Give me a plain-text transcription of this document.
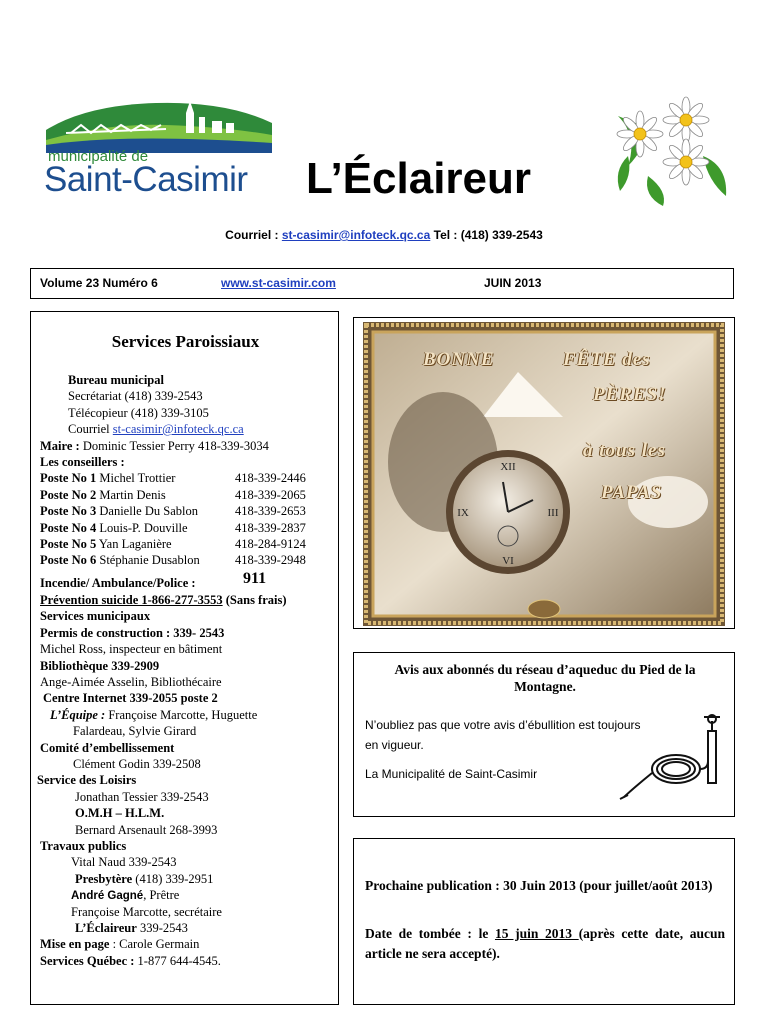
municipalité de
Saint-Casimir L’Éclaireur
Courriel : st-casimir@infoteck.qc.ca Tel : (418) 339-2543
Volume 23 Numéro 6	www.st-casimir.com	JUIN 2013
Services Paroissiaux
Bureau municipal
Secrétariat (418) 339-2543
Télécopieur (418) 339-3105
Courriel st-casimir@infoteck.qc.ca
Maire : Dominic Tessier Perry 418-339-3034
Les conseillers :
Poste No 1 Michel Trottier	418-339-2446
Poste No 2 Martin Denis	418-339-2065
Poste No 3 Danielle Du Sablon	418-339-2653
Poste No 4 Louis-P. Douville	418-339-2837
Poste No 5 Yan Laganière	418-284-9124
Poste No 6 Stéphanie Dusablon	418-339-2948
Incendie/ Ambulance/Police :	911
Prévention suicide 1-866-277-3553 (Sans frais)
Services municipaux
Permis de construction : 339- 2543
Michel Ross, inspecteur en bâtiment
Bibliothèque 339-2909
Ange-Aimée Asselin, Bibliothécaire
Centre Internet 339-2055 poste 2
L’Équipe : Françoise Marcotte, Huguette
Falardeau, Sylvie Girard
Comité d’embellissement
Clément Godin 339-2508
Service des Loisirs
Jonathan Tessier 339-2543
O.M.H – H.L.M.
Bernard Arsenault 268-3993
Travaux publics
Vital Naud 339-2543
Presbytère (418) 339-2951
André Gagné, Prêtre
Françoise Marcotte, secrétaire
L’Éclaireur 339-2543
Mise en page : Carole Germain
Services Québec : 1-877 644-4545.
XII
III
VI
IX
BONNE	FÊTE des
PÈRES!
à tous les
PAPAS
Avis aux abonnés du réseau d’aqueduc du Pied de la
Montagne.
N’oubliez pas que votre avis d’ébullition est toujours
en vigueur.
La Municipalité de Saint-Casimir
Prochaine publication : 30 Juin 2013 (pour juillet/août 2013)
Date de tombée : le 15 juin 2013 (après cette date, aucun article ne sera accepté).
